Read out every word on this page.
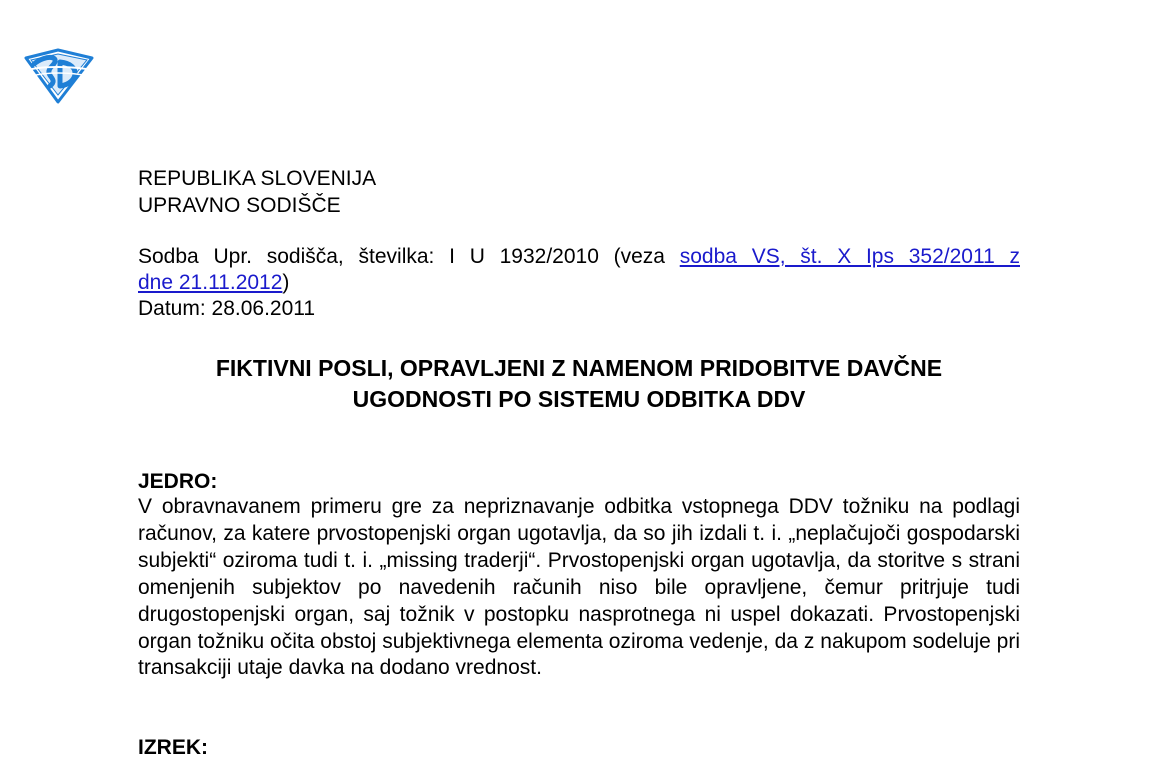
REPUBLIKA SLOVENIJA
UPRAVNO SODIŠČE
Sodba Upr. sodišča, številka: I U 1932/2010 (veza sodba VS, št. X Ips 352/2011 z
dne 21.11.2012)
Datum: 28.06.2011
FIKTIVNI POSLI, OPRAVLJENI Z NAMENOM PRIDOBITVE DAVČNE
UGODNOSTI PO SISTEMU ODBITKA DDV
JEDRO:
V obravnavanem primeru gre za nepriznavanje odbitka vstopnega DDV tožniku na podlagi računov, za katere prvostopenjski organ ugotavlja, da so jih izdali t. i. „neplačujoči gospodarski subjekti“ oziroma tudi t. i. „missing traderji“. Prvostopenjski organ ugotavlja, da storitve s strani omenjenih subjektov po navedenih računih niso bile opravljene, čemur pritrjuje tudi drugostopenjski organ, saj tožnik v postopku nasprotnega ni uspel dokazati. Prvostopenjski organ tožniku očita obstoj subjektivnega elementa oziroma vedenje, da z nakupom sodeluje pri transakciji utaje davka na dodano vrednost.
IZREK:
